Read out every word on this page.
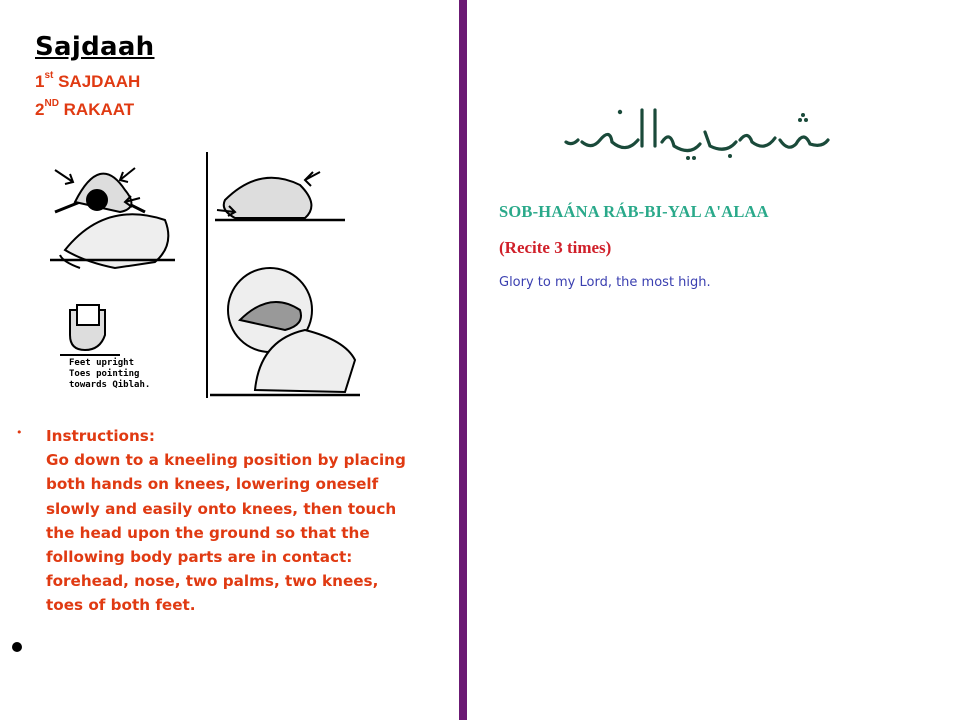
Sajdaah
1st SAJDAAH
2ND RAKAAT
Feet upright
Toes pointing
towards Qiblah.
• Instructions:
Go down to a kneeling position by placing
both hands on knees, lowering oneself
slowly and easily onto knees, then touch
the head upon the ground so that the
following body parts are in contact:
forehead, nose, two palms, two knees,
toes of both feet.
SOB-HAÁNA RÁB-BI-YAL A'ALAA
(Recite 3 times)
Glory to my Lord, the most high.
